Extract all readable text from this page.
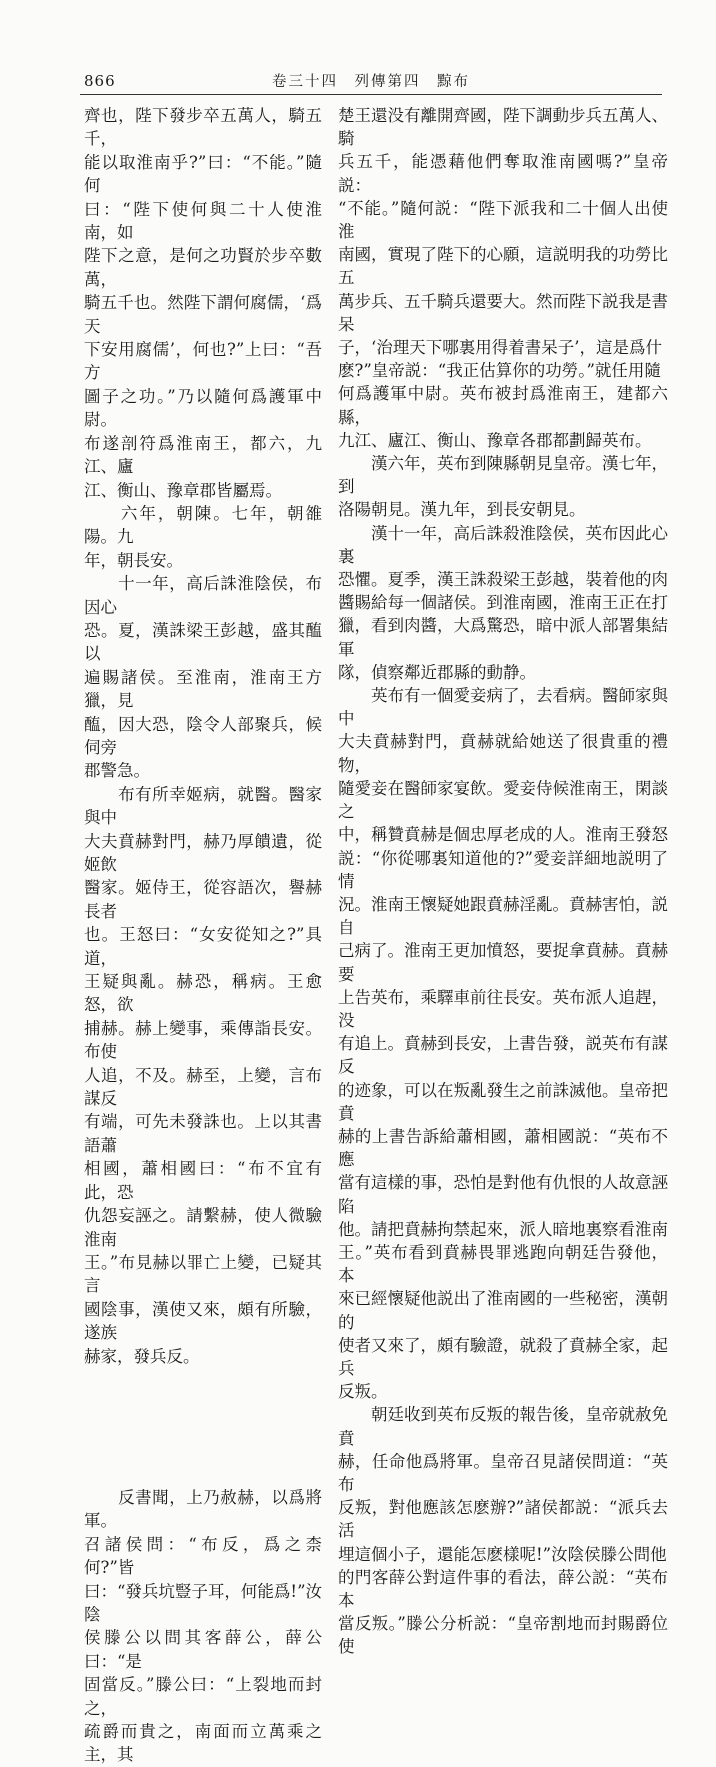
866	卷三十四　列傳第四　黥布

齊也，陛下發步卒五萬人，騎五千，
能以取淮南乎?”曰：“不能。”隨何
曰：“陛下使何與二十人使淮南，如
陛下之意，是何之功賢於步卒數萬，
騎五千也。然陛下謂何腐儒，‘爲天
下安用腐儒’，何也?”上曰：“吾方
圖子之功。”乃以隨何爲護軍中尉。
布遂剖符爲淮南王，都六，九江、廬
江、衡山、豫章郡皆屬焉。

　　六年，朝陳。七年，朝雒陽。九
年，朝長安。

　　十一年，高后誅淮陰侯，布因心
恐。夏，漢誅梁王彭越，盛其醢以
遍賜諸侯。至淮南，淮南王方獵，見
醢，因大恐，陰令人部聚兵，候伺旁
郡警急。

　　布有所幸姬病，就醫。醫家與中
大夫賁赫對門，赫乃厚饋遺，從姬飲
醫家。姬侍王，從容語次，譽赫長者
也。王怒曰：“女安從知之?”具道，
王疑與亂。赫恐，稱病。王愈怒，欲
捕赫。赫上變事，乘傳詣長安。布使
人追，不及。赫至，上變，言布謀反
有端，可先未發誅也。上以其書語蕭
相國，蕭相國曰：“布不宜有此，恐
仇怨妄誣之。請繫赫，使人微驗淮南
王。”布見赫以罪亡上變，已疑其言
國陰事，漢使又來，頗有所驗，遂族
赫家，發兵反。

　　反書聞，上乃赦赫，以爲將軍。
召諸侯問：“布反，爲之柰何?”皆
曰：“發兵坑豎子耳，何能爲!”汝陰
侯滕公以問其客薛公，薛公曰：“是
固當反。”滕公曰：“上裂地而封之，
疏爵而貴之，南面而立萬乘之主，其

楚王還没有離開齊國，陛下調動步兵五萬人、騎
兵五千，能憑藉他們奪取淮南國嗎?”皇帝説：
“不能。”隨何説：“陛下派我和二十個人出使淮
南國，實現了陛下的心願，這説明我的功勞比五
萬步兵、五千騎兵還要大。然而陛下説我是書呆
子，‘治理天下哪裏用得着書呆子’，這是爲什
麽?”皇帝説：“我正估算你的功勞。”就任用隨
何爲護軍中尉。英布被封爲淮南王，建都六縣，
九江、廬江、衡山、豫章各郡都劃歸英布。

　　漢六年，英布到陳縣朝見皇帝。漢七年，到
洛陽朝見。漢九年，到長安朝見。

　　漢十一年，高后誅殺淮陰侯，英布因此心裏
恐懼。夏季，漢王誅殺梁王彭越，裝着他的肉
醬賜給每一個諸侯。到淮南國，淮南王正在打
獵，看到肉醬，大爲驚恐，暗中派人部署集結軍
隊，偵察鄰近郡縣的動静。

　　英布有一個愛妾病了，去看病。醫師家與中
大夫賁赫對門，賁赫就給她送了很貴重的禮物，
隨愛妾在醫師家宴飲。愛妾侍候淮南王，閑談之
中，稱贊賁赫是個忠厚老成的人。淮南王發怒
説：“你從哪裏知道他的?”愛妾詳細地説明了情
況。淮南王懷疑她跟賁赫淫亂。賁赫害怕，説自
己病了。淮南王更加憤怒，要捉拿賁赫。賁赫要
上告英布，乘驛車前往長安。英布派人追趕，没
有追上。賁赫到長安，上書告發，説英布有謀反
的迹象，可以在叛亂發生之前誅滅他。皇帝把賁
赫的上書告訴給蕭相國，蕭相國説：“英布不應
當有這樣的事，恐怕是對他有仇恨的人故意誣陷
他。請把賁赫拘禁起來，派人暗地裏察看淮南
王。”英布看到賁赫畏罪逃跑向朝廷告發他，本
來已經懷疑他説出了淮南國的一些秘密，漢朝的
使者又來了，頗有驗證，就殺了賁赫全家，起兵
反叛。

　　朝廷收到英布反叛的報告後，皇帝就赦免賁
赫，任命他爲將軍。皇帝召見諸侯問道：“英布
反叛，對他應該怎麽辦?”諸侯都説：“派兵去活
埋這個小子，還能怎麽樣呢!”汝陰侯滕公問他
的門客薛公對這件事的看法，薛公説：“英布本
當反叛。”滕公分析説：“皇帝割地而封賜爵位使
